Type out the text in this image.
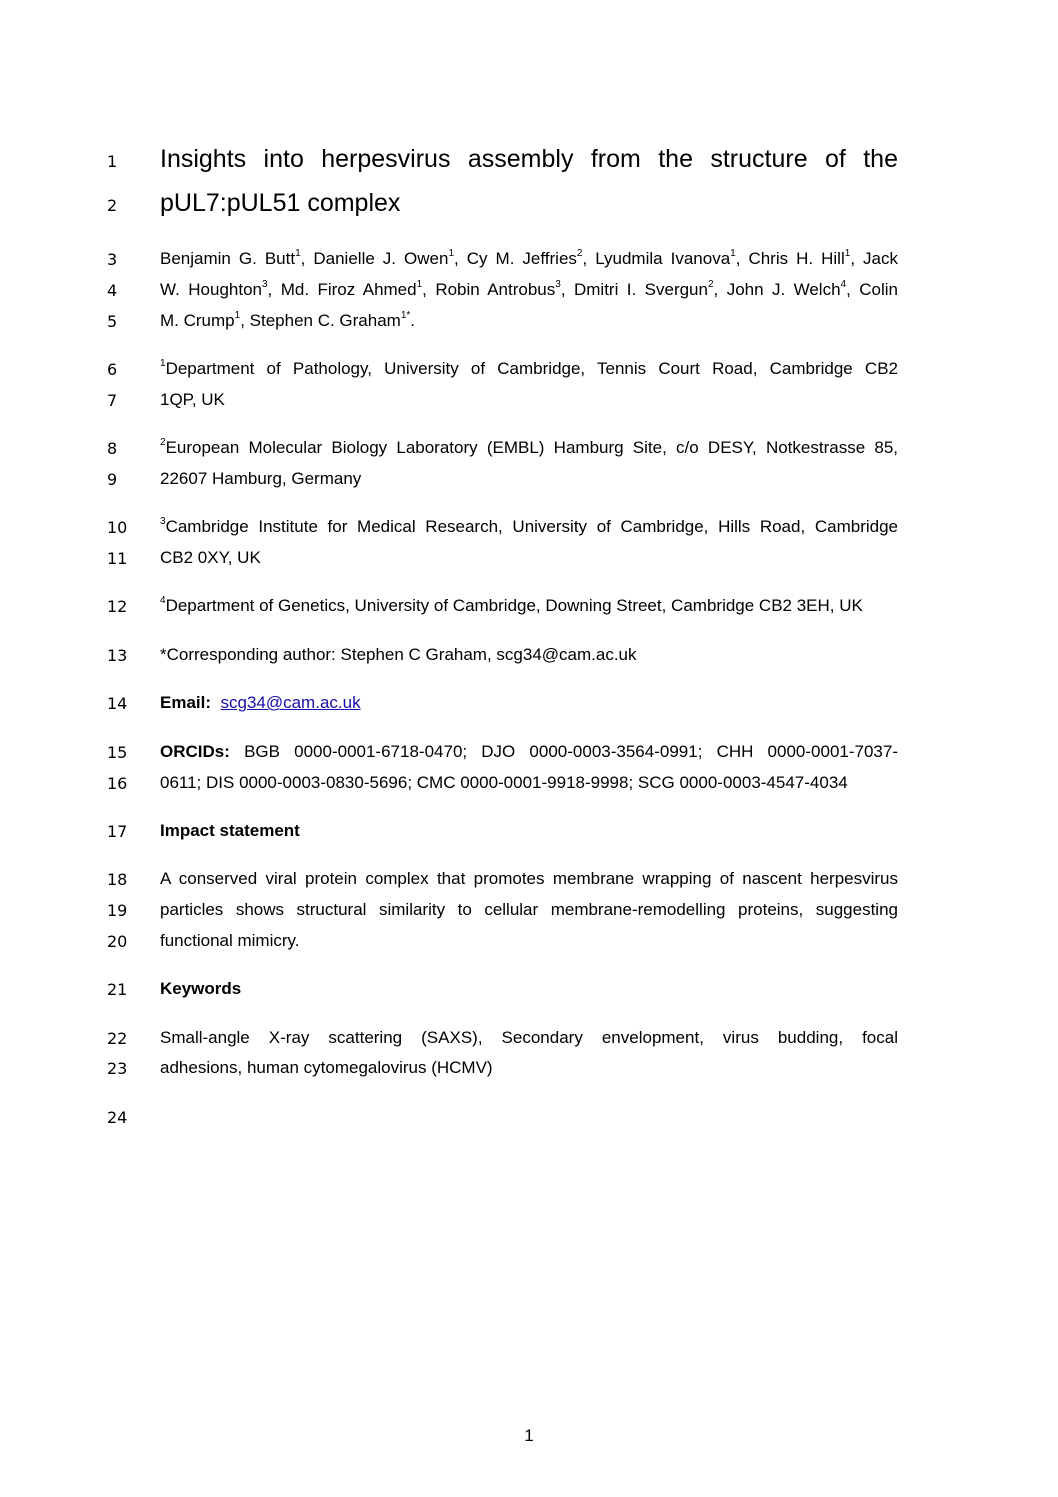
1
2
3
4
5
6
7
8
9
10
11
12
13
14
15
16
17
18
19
20
21
22
23
24
Insights into herpesvirus assembly from the structure of the
pUL7:pUL51 complex
Benjamin G. Butt$^1$, Danielle J. Owen$^1$, Cy M. Jeffries$^2$, Lyudmila Ivanova$^1$, Chris H. Hill$^1$, Jack
W. Houghton$^3$, Md. Firoz Ahmed$^1$, Robin Antrobus$^3$, Dmitri I. Svergun$^2$, John J. Welch$^4$, Colin
M. Crump$^1$, Stephen C. Graham$^{1*}$.
$^1$Department of Pathology, University of Cambridge, Tennis Court Road, Cambridge CB2
1QP, UK
$^2$European Molecular Biology Laboratory (EMBL) Hamburg Site, c/o DESY, Notkestrasse 85,
22607 Hamburg, Germany
$^3$Cambridge Institute for Medical Research, University of Cambridge, Hills Road, Cambridge
CB2 0XY, UK
$^4$Department of Genetics, University of Cambridge, Downing Street, Cambridge CB2 3EH, UK
*Corresponding author: Stephen C Graham, scg34@cam.ac.uk
Email: scg34@cam.ac.uk
ORCIDs: BGB 0000-0001-6718-0470; DJO 0000-0003-3564-0991; CHH 0000-0001-7037-
0611; DIS 0000-0003-0830-5696; CMC 0000-0001-9918-9998; SCG 0000-0003-4547-4034
Impact statement
A conserved viral protein complex that promotes membrane wrapping of nascent herpesvirus
particles shows structural similarity to cellular membrane-remodelling proteins, suggesting
functional mimicry.
Keywords
Small-angle X-ray scattering (SAXS), Secondary envelopment, virus budding, focal
adhesions, human cytomegalovirus (HCMV)
1
